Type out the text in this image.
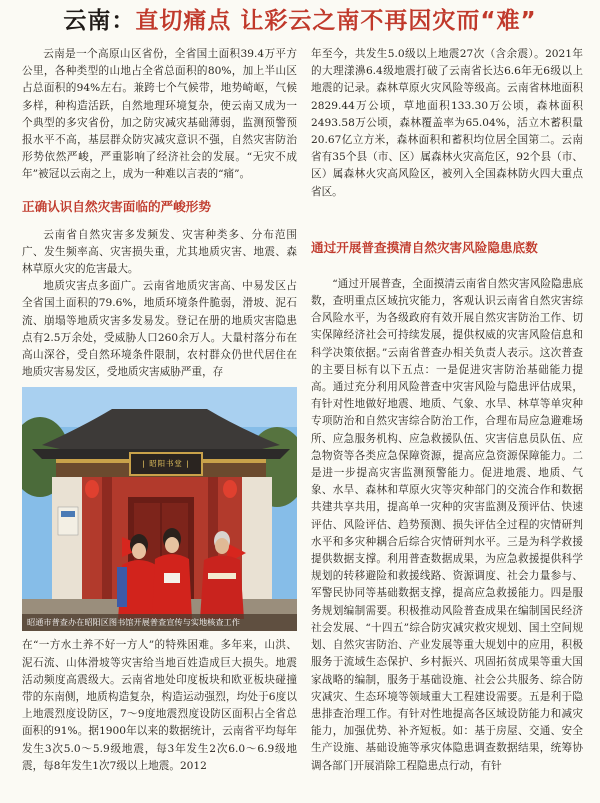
云南：直切痛点 让彩云之南不再因灾而“难”

云南是一个高原山区省份，全省国土面积39.4万平方公里，各种类型的山地占全省总面积的80%，加上半山区占总面积的94%左右。兼跨七个气候带，地势崎岖，气候多样，种构造活跃，自然地理环境复杂，使云南又成为一个典型的多灾省份，加之防灾减灾基础薄弱，监测预警预报水平不高，基层群众防灾减灾意识不强，自然灾害防治形势依然严峻，严重影响了经济社会的发展。“无灾不成年”被冠以云南之上，成为一种难以言表的“痛”。

正确认识自然灾害面临的严峻形势

云南省自然灾害多发频发、灾害种类多、分布范围广、发生频率高、灾害损失重，尤其地质灾害、地震、森林草原火灾的危害最大。

地质灾害点多面广。云南省地质灾害高、中易发区占全省国土面积的79.6%，地质环境条件脆弱，滑坡、泥石流、崩塌等地质灾害多发易发。登记在册的地质灾害隐患点有2.5万余处，受威胁人口260余万人。大量村落分布在高山深谷，受自然环境条件限制，农村群众仍世代居住在地质灾害易发区，受地质灾害威胁严重，存

| 昭阳书堂 |
昭通市普查办在昭阳区图书馆开展普查宣传与实地核查工作

在“一方水土养不好一方人”的特殊困难。多年来，山洪、泥石流、山体滑坡等灾害给当地百姓造成巨大损失。地震活动频度高震级大。云南省地处印度板块和欧亚板块碰撞带的东南侧，地质构造复杂，构造运动强烈，均处于6度以上地震烈度设防区，7～9度地震烈度设防区面积占全省总面积的91%。据1900年以来的数据统计，云南省平均每年发生3次5.0～5.9级地震，每3年发生2次6.0～6.9级地震，每8年发生1次7级以上地震。2012

年至今，共发生5.0级以上地震27次（含余震）。2021年的大理漾濞6.4级地震打破了云南省长达6.6年无6级以上地震的记录。森林草原火灾风险等级高。云南省林地面积2829.44万公顷，草地面积133.30万公顷，森林面积2493.58万公顷，森林覆盖率为65.04%，活立木蓄积量20.67亿立方米，森林面积和蓄积均位居全国第二。云南省有35个县（市、区）属森林火灾高危区，92个县（市、区）属森林火灾高风险区，被列入全国森林防火四大重点省区。

通过开展普查摸清自然灾害风险隐患底数

“通过开展普查，全面摸清云南省自然灾害风险隐患底数，查明重点区域抗灾能力，客观认识云南省自然灾害综合风险水平，为各级政府有效开展自然灾害防治工作、切实保障经济社会可持续发展，提供权威的灾害风险信息和科学决策依据。”云南省普查办相关负责人表示。这次普查的主要目标有以下五点：一是促进灾害防治基础能力提高。通过充分利用风险普查中灾害风险与隐患评估成果，有针对性地做好地震、地质、气象、水旱、林草等单灾种专项防治和自然灾害综合防治工作，合理布局应急避难场所、应急服务机构、应急救援队伍、灾害信息员队伍、应急物资等各类应急保障资源，提高应急资源保障能力。二是进一步提高灾害监测预警能力。促进地震、地质、气象、水旱、森林和草原火灾等灾种部门的交流合作和数据共建共享共用，提高单一灾种的灾害监测及预评估、快速评估、风险评估、趋势预测、损失评估全过程的灾情研判水平和多灾种耦合后综合灾情研判水平。三是为科学救援提供数据支撑。利用普查数据成果，为应急救援提供科学规划的转移避险和救援线路、资源调度、社会力量参与、军警民协同等基础数据支撑，提高应急救援能力。四是服务规划编制需要。积极推动风险普查成果在编制国民经济社会发展、“十四五”综合防灾减灾救灾规划、国土空间规划、自然灾害防治、产业发展等重大规划中的应用，积极服务于流域生态保护、乡村振兴、巩固拓贫成果等重大国家战略的编制，服务于基础设施、社会公共服务、综合防灾减灾、生态环境等领域重大工程建设需要。五是利于隐患排查治理工作。有针对性地提高各区域设防能力和减灾能力，加强优势、补齐短板。如：基于房屋、交通、安全生产设施、基础设施等承灾体隐患调查数据结果，统筹协调各部门开展消除工程隐患点行动，有针
